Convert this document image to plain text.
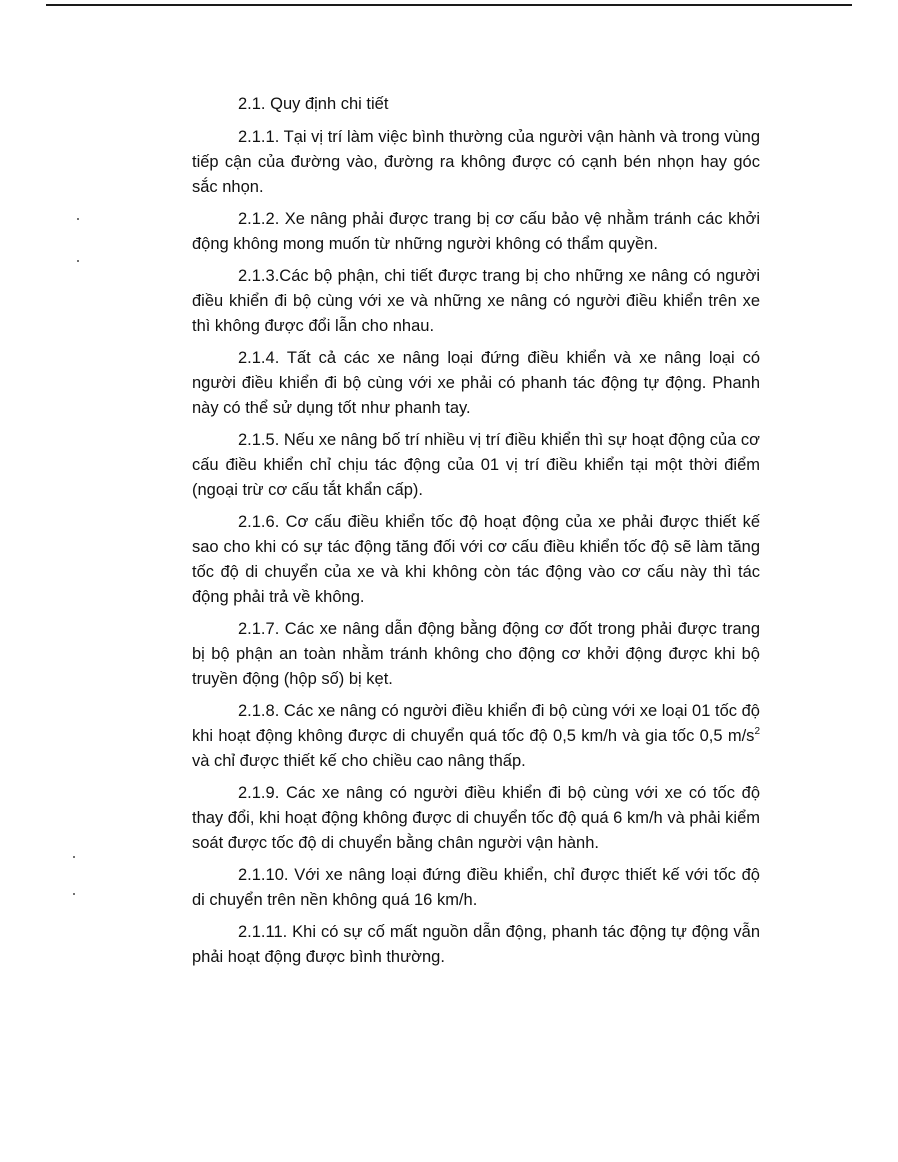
2.1. Quy định chi tiết

2.1.1. Tại vị trí làm việc bình thường của người vận hành và trong vùng tiếp cận của đường vào, đường ra không được có cạnh bén nhọn hay góc sắc nhọn.

2.1.2. Xe nâng phải được trang bị cơ cấu bảo vệ nhằm tránh các khởi động không mong muốn từ những người không có thẩm quyền.

2.1.3.Các bộ phận, chi tiết được trang bị cho những xe nâng có người điều khiển đi bộ cùng với xe và những xe nâng có người điều khiển trên xe thì không được đổi lẫn cho nhau.

2.1.4. Tất cả các xe nâng loại đứng điều khiển và xe nâng loại có người điều khiển đi bộ cùng với xe phải có phanh tác động tự động. Phanh này có thể sử dụng tốt như phanh tay.

2.1.5. Nếu xe nâng bố trí nhiều vị trí điều khiển thì sự hoạt động của cơ cấu điều khiển chỉ chịu tác động của 01 vị trí điều khiển tại một thời điểm (ngoại trừ cơ cấu tắt khẩn cấp).

2.1.6. Cơ cấu điều khiển tốc độ hoạt động của xe phải được thiết kế sao cho khi có sự tác động tăng đối với cơ cấu điều khiển tốc độ sẽ làm tăng tốc độ di chuyển của xe và khi không còn tác động vào cơ cấu này thì tác động phải trả về không.

2.1.7. Các xe nâng dẫn động bằng động cơ đốt trong phải được trang bị bộ phận an toàn nhằm tránh không cho động cơ khởi động được khi bộ truyền động (hộp số) bị kẹt.

2.1.8. Các xe nâng có người điều khiển đi bộ cùng với xe loại 01 tốc độ khi hoạt động không được di chuyển quá tốc độ 0,5 km/h và gia tốc 0,5 $m/s^2$ và chỉ được thiết kế cho chiều cao nâng thấp.

2.1.9. Các xe nâng có người điều khiển đi bộ cùng với xe có tốc độ thay đổi, khi hoạt động không được di chuyển tốc độ quá 6 km/h và phải kiểm soát được tốc độ di chuyển bằng chân người vận hành.

2.1.10. Với xe nâng loại đứng điều khiển, chỉ được thiết kế với tốc độ di chuyển trên nền không quá 16 km/h.

2.1.11. Khi có sự cố mất nguồn dẫn động, phanh tác động tự động vẫn phải hoạt động được bình thường.
